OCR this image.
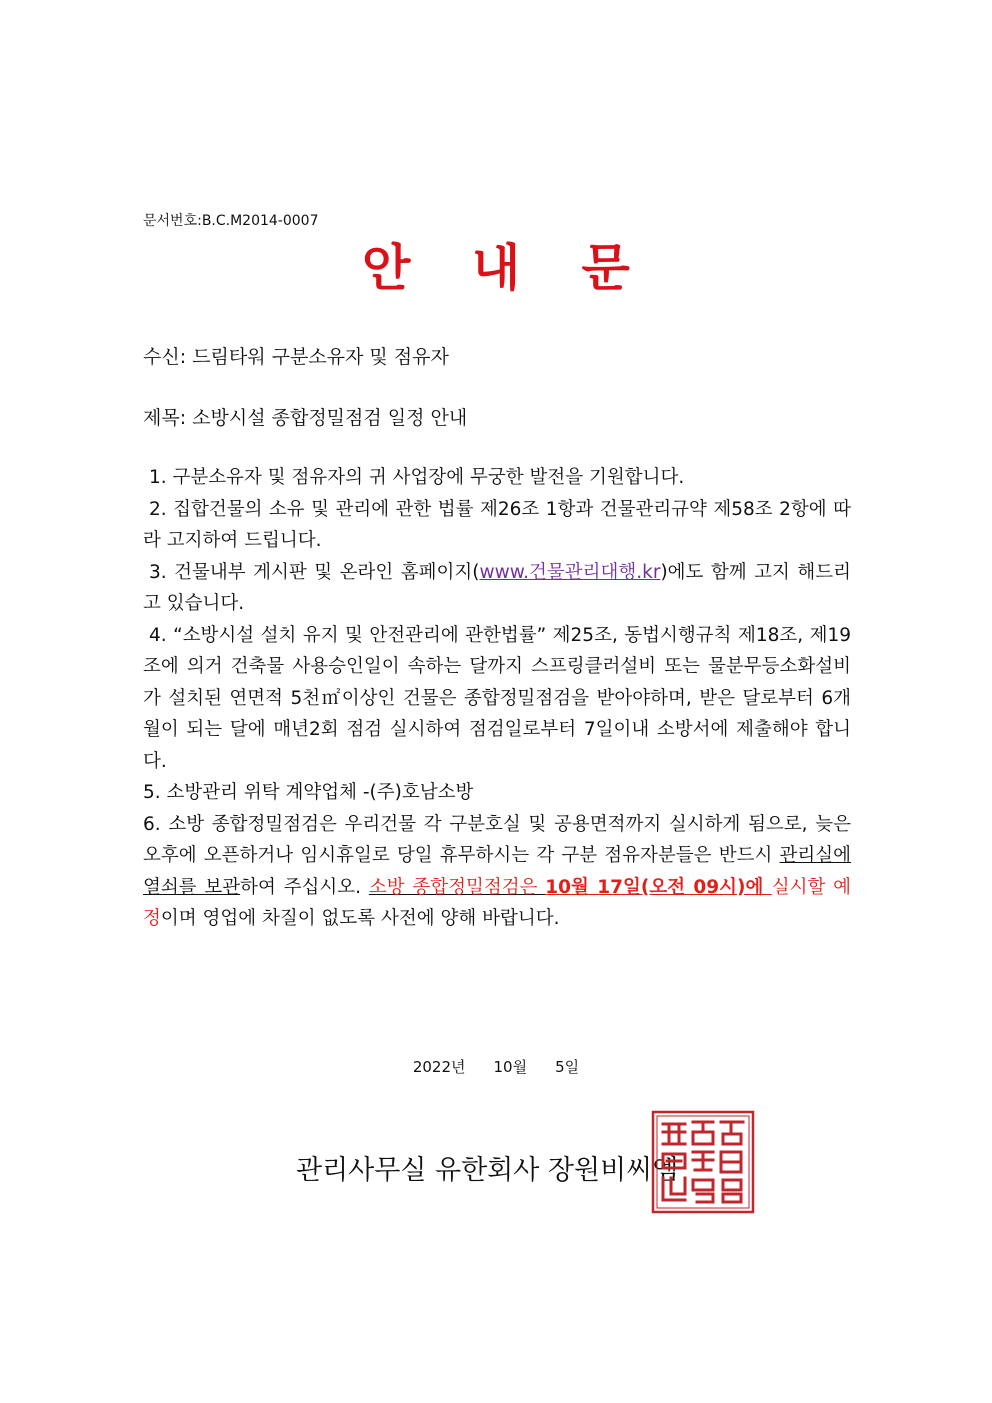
문서번호:B.C.M2014-0007
안 내 문
수신: 드림타워 구분소유자 및 점유자
제목: 소방시설 종합정밀점검 일정 안내

1. 구분소유자 및 점유자의 귀 사업장에 무궁한 발전을 기원합니다.

2. 집합건물의 소유 및 관리에 관한 법률 제26조 1항과 건물관리규약 제58조 2항에 따라 고지하여 드립니다.

3. 건물내부 게시판 및 온라인 홈페이지(www.건물관리대행.kr)에도 함께 고지 해드리고 있습니다.

4. “소방시설 설치 유지 및 안전관리에 관한법률” 제25조, 동법시행규칙 제18조, 제19 조에 의거 건축물 사용승인일이 속하는 달까지 스프링클러설비 또는 물분무등소화설비가 설치된 연면적 5천㎡이상인 건물은 종합정밀점검을 받아야하며, 받은 달로부터 6개월이 되는 달에 매년2회 점검 실시하여 점검일로부터 7일이내 소방서에 제출해야 합니다.

5. 소방관리 위탁 계약업체 -(주)호남소방

6. 소방 종합정밀점검은 우리건물 각 구분호실 및 공용면적까지 실시하게 됨으로, 늦은 오후에 오픈하거나 임시휴일로 당일 휴무하시는 각 구분 점유자분들은 반드시 관리실에 열쇠를 보관하여 주십시오. 소방 종합정밀점검은 10월 17일(오전 09시)에 실시할 예정이며 영업에 차질이 없도록 사전에 양해 바랍니다.

2022년 10월 5일
관리사무실 유한회사 장원비씨엠
